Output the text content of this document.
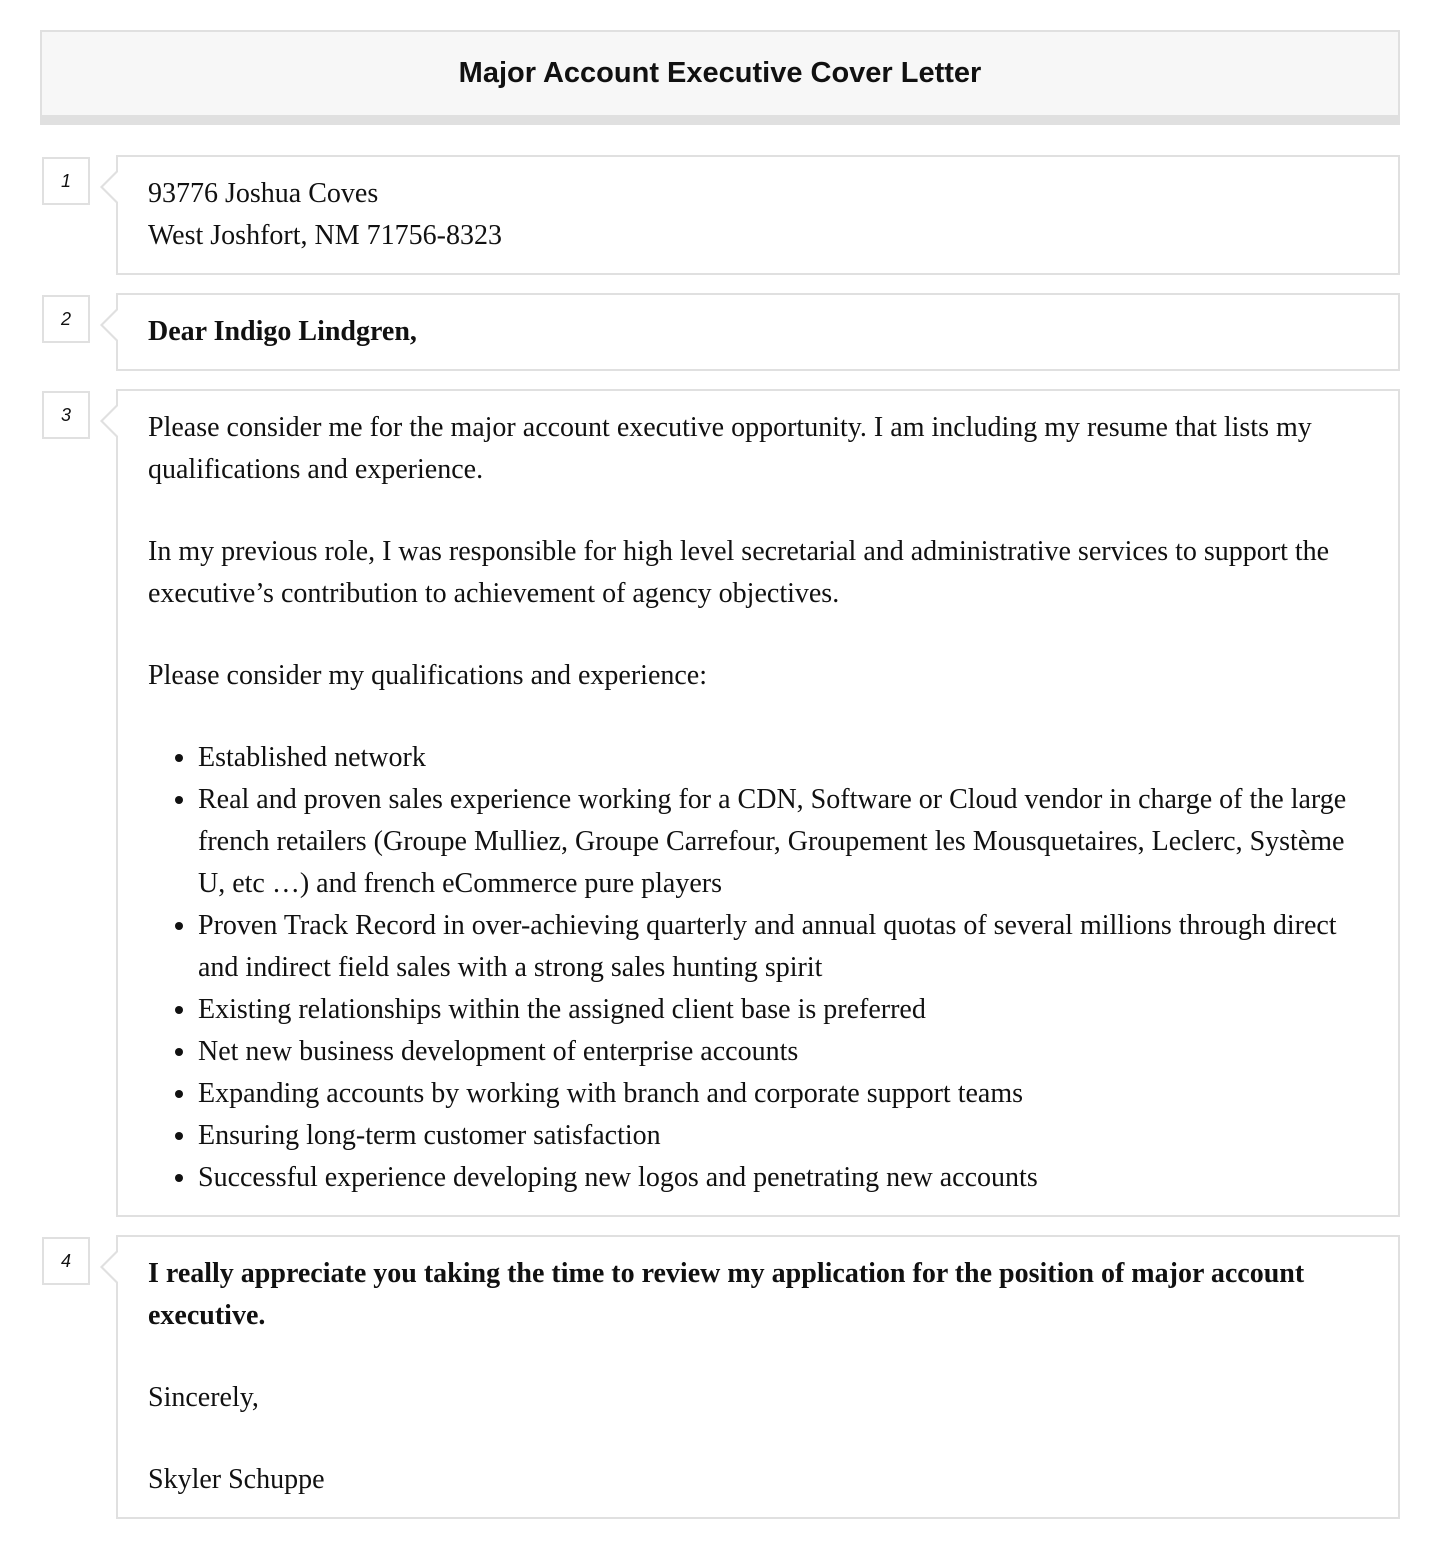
Major Account Executive Cover Letter
1	93776 Joshua Coves

West Joshfort, NM 71756-8323

2	Dear Indigo Lindgren,

3	Please consider me for the major account executive opportunity. I am including my resume that lists my qualifications and experience.

In my previous role, I was responsible for high level secretarial and administrative services to support the executive’s contribution to achievement of agency objectives.

Please consider my qualifications and experience:

• Established network
• Real and proven sales experience working for a CDN, Software or Cloud vendor in charge of the large french retailers (Groupe Mulliez, Groupe Carrefour, Groupement les Mousquetaires, Leclerc, Système U, etc …) and french eCommerce pure players
• Proven Track Record in over-achieving quarterly and annual quotas of several millions through direct and indirect field sales with a strong sales hunting spirit
• Existing relationships within the assigned client base is preferred
• Net new business development of enterprise accounts
• Expanding accounts by working with branch and corporate support teams
• Ensuring long-term customer satisfaction
• Successful experience developing new logos and penetrating new accounts
4	I really appreciate you taking the time to review my application for the position of major account executive.

Sincerely,

Skyler Schuppe
